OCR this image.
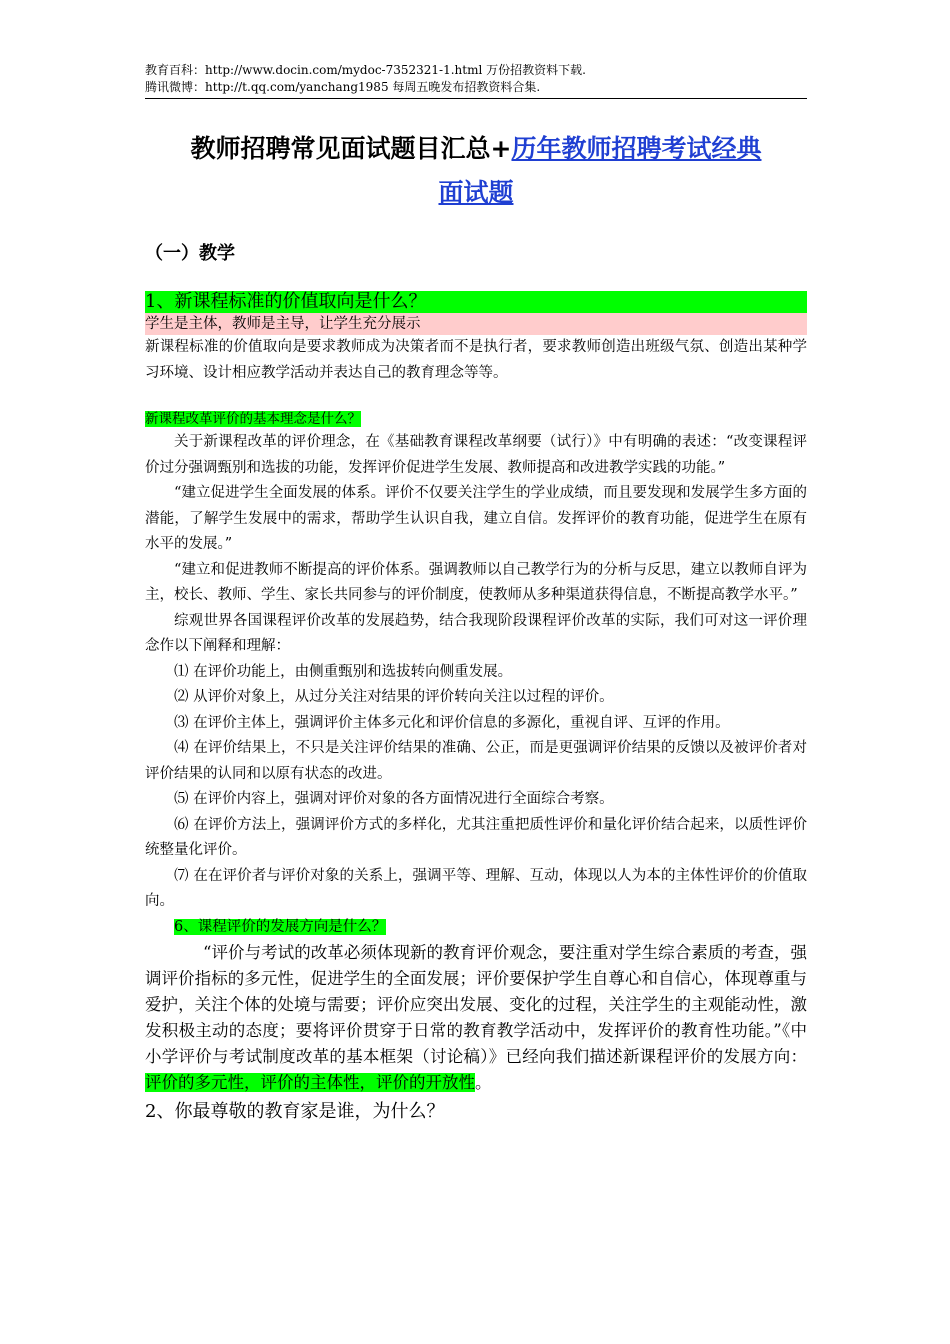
教育百科：http://www.docin.com/mydoc-7352321-1.html 万份招教资料下载.
腾讯微博：http://t.qq.com/yanchang1985 每周五晚发布招教资料合集.
教师招聘常见面试题目汇总+历年教师招聘考试经典
面试题
（一）教学
1、新课程标准的价值取向是什么？
学生是主体，教师是主导，让学生充分展示

新课程标准的价值取向是要求教师成为决策者而不是执行者，要求教师创造出班级气氛、创造出某种学习环境、设计相应教学活动并表达自己的教育理念等等。

新课程改革评价的基本理念是什么？

关于新课程改革的评价理念，在《基础教育课程改革纲要（试行）》中有明确的表述：“改变课程评价过分强调甄别和选拔的功能，发挥评价促进学生发展、教师提高和改进教学实践的功能。”

“建立促进学生全面发展的体系。评价不仅要关注学生的学业成绩，而且要发现和发展学生多方面的潜能，了解学生发展中的需求，帮助学生认识自我，建立自信。发挥评价的教育功能，促进学生在原有水平的发展。”

“建立和促进教师不断提高的评价体系。强调教师以自己教学行为的分析与反思，建立以教师自评为主，校长、教师、学生、家长共同参与的评价制度，使教师从多种渠道获得信息，不断提高教学水平。”

综观世界各国课程评价改革的发展趋势，结合我现阶段课程评价改革的实际，我们可对这一评价理念作以下阐释和理解：

⑴ 在评价功能上，由侧重甄别和选拔转向侧重发展。

⑵ 从评价对象上，从过分关注对结果的评价转向关注以过程的评价。

⑶ 在评价主体上，强调评价主体多元化和评价信息的多源化，重视自评、互评的作用。

⑷ 在评价结果上，不只是关注评价结果的准确、公正，而是更强调评价结果的反馈以及被评价者对评价结果的认同和以原有状态的改进。

⑸ 在评价内容上，强调对评价对象的各方面情况进行全面综合考察。

⑹ 在评价方法上，强调评价方式的多样化，尤其注重把质性评价和量化评价结合起来，以质性评价统整量化评价。

⑺ 在在评价者与评价对象的关系上，强调平等、理解、互动，体现以人为本的主体性评价的价值取向。

6、课程评价的发展方向是什么？

“评价与考试的改革必须体现新的教育评价观念，要注重对学生综合素质的考查，强调评价指标的多元性，促进学生的全面发展；评价要保护学生自尊心和自信心，体现尊重与爱护，关注个体的处境与需要；评价应突出发展、变化的过程，关注学生的主观能动性，激发积极主动的态度；要将评价贯穿于日常的教育教学活动中，发挥评价的教育性功能。”《中小学评价与考试制度改革的基本框架（讨论稿）》已经向我们描述新课程评价的发展方向：评价的多元性，评价的主体性，评价的开放性。

2、你最尊敬的教育家是谁，为什么？
